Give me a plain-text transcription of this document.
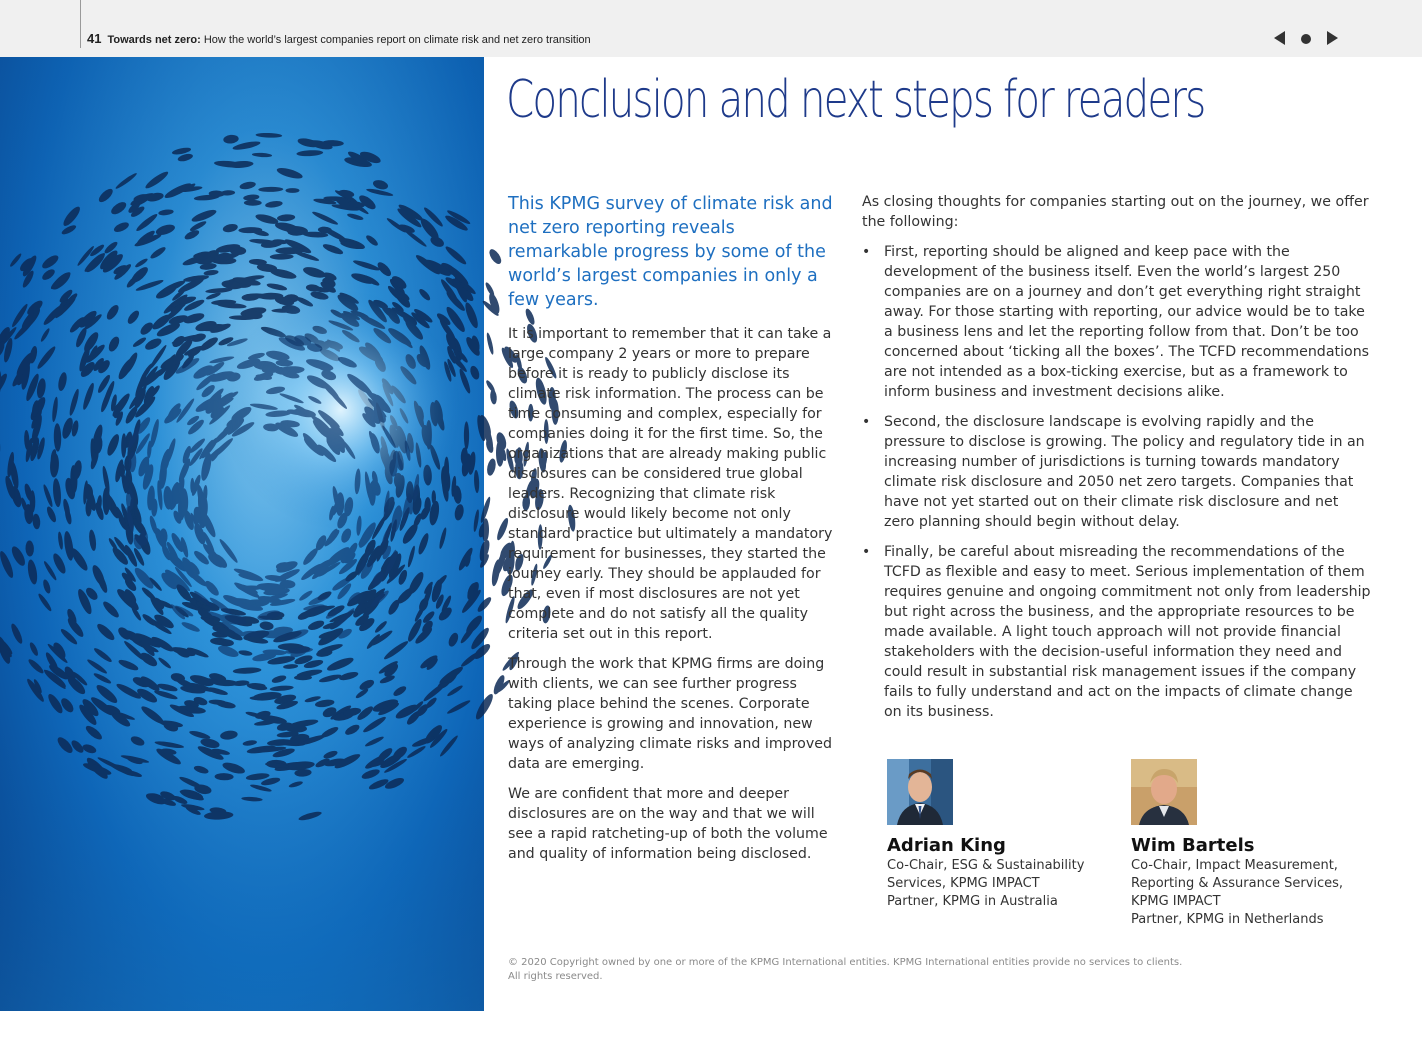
41 Towards net zero: How the world’s largest companies report on climate risk and net zero transition
KPMG
Conclusion and next steps for readers

This KPMG survey of climate risk and net zero reporting reveals remarkable progress by some of the world’s largest companies in only a few years.

It is important to remember that it can take a large company 2 years or more to prepare before it is ready to publicly disclose its climate risk information. The process can be time consuming and complex, especially for companies doing it for the first time. So, the organizations that are already making public disclosures can be considered true global leaders. Recognizing that climate risk disclosure would likely become not only standard practice but ultimately a mandatory requirement for businesses, they started the journey early. They should be applauded for that, even if most disclosures are not yet complete and do not satisfy all the quality criteria set out in this report.

Through the work that KPMG firms are doing with clients, we can see further progress taking place behind the scenes. Corporate experience is growing and innovation, new ways of analyzing climate risks and improved data are emerging.

We are confident that more and deeper disclosures are on the way and that we will see a rapid ratcheting-up of both the volume and quality of information being disclosed.

As closing thoughts for companies starting out on the journey, we offer the following:

• First, reporting should be aligned and keep pace with the development of the business itself. Even the world’s largest 250 companies are on a journey and don’t get everything right straight away. For those starting with reporting, our advice would be to take a business lens and let the reporting follow from that. Don’t be too concerned about ‘ticking all the boxes’. The TCFD recommendations are not intended as a box-ticking exercise, but as a framework to inform business and investment decisions alike.
• Second, the disclosure landscape is evolving rapidly and the pressure to disclose is growing. The policy and regulatory tide in an increasing number of jurisdictions is turning towards mandatory climate risk disclosure and 2050 net zero targets. Companies that have not yet started out on their climate risk disclosure and net zero planning should begin without delay.
• Finally, be careful about misreading the recommendations of the TCFD as flexible and easy to meet. Serious implementation of them requires genuine and ongoing commitment not only from leadership but right across the business, and the appropriate resources to be made available. A light touch approach will not provide financial stakeholders with the decision-useful information they need and could result in substantial risk management issues if the company fails to fully understand and act on the impacts of climate change on its business.
Adrian King
Co-Chair, ESG & Sustainability
Services, KPMG IMPACT
Partner, KPMG in Australia
Wim Bartels
Co-Chair, Impact Measurement,
Reporting & Assurance Services,
KPMG IMPACT
Partner, KPMG in Netherlands
© 2020 Copyright owned by one or more of the KPMG International entities. KPMG International entities provide no services to clients.
All rights reserved.
